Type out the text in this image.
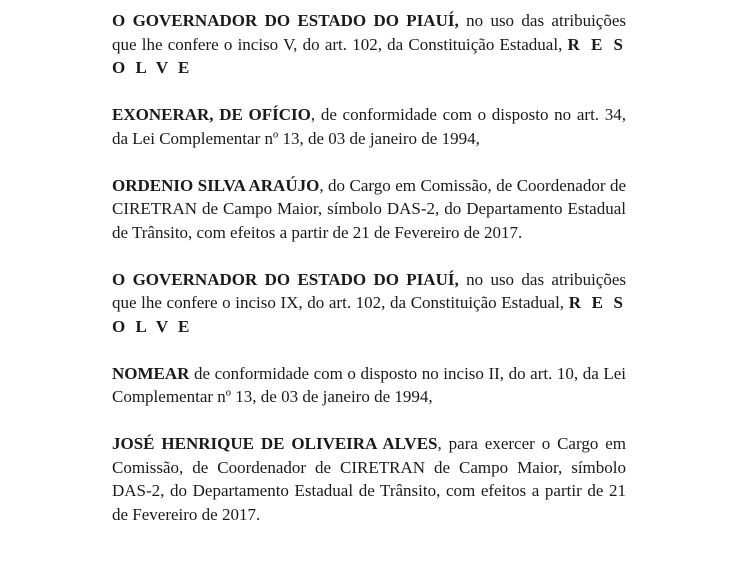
O GOVERNADOR DO ESTADO DO PIAUÍ, no uso das atribuições que lhe confere o inciso V, do art. 102, da Constituição Estadual, R E S O L V E

EXONERAR, DE OFÍCIO, de conformidade com o disposto no art. 34, da Lei Complementar nº 13, de 03 de janeiro de 1994,

ORDENIO SILVA ARAÚJO, do Cargo em Comissão, de Coordenador de CIRETRAN de Campo Maior, símbolo DAS-2, do Departamento Estadual de Trânsito, com efeitos a partir de 21 de Fevereiro de 2017.

O GOVERNADOR DO ESTADO DO PIAUÍ, no uso das atribuições que lhe confere o inciso IX, do art. 102, da Constituição Estadual, R E S O L V E

NOMEAR de conformidade com o disposto no inciso II, do art. 10, da Lei Complementar nº 13, de 03 de janeiro de 1994,

JOSÉ HENRIQUE DE OLIVEIRA ALVES, para exercer o Cargo em Comissão, de Coordenador de CIRETRAN de Campo Maior, símbolo DAS-2, do Departamento Estadual de Trânsito, com efeitos a partir de 21 de Fevereiro de 2017.
